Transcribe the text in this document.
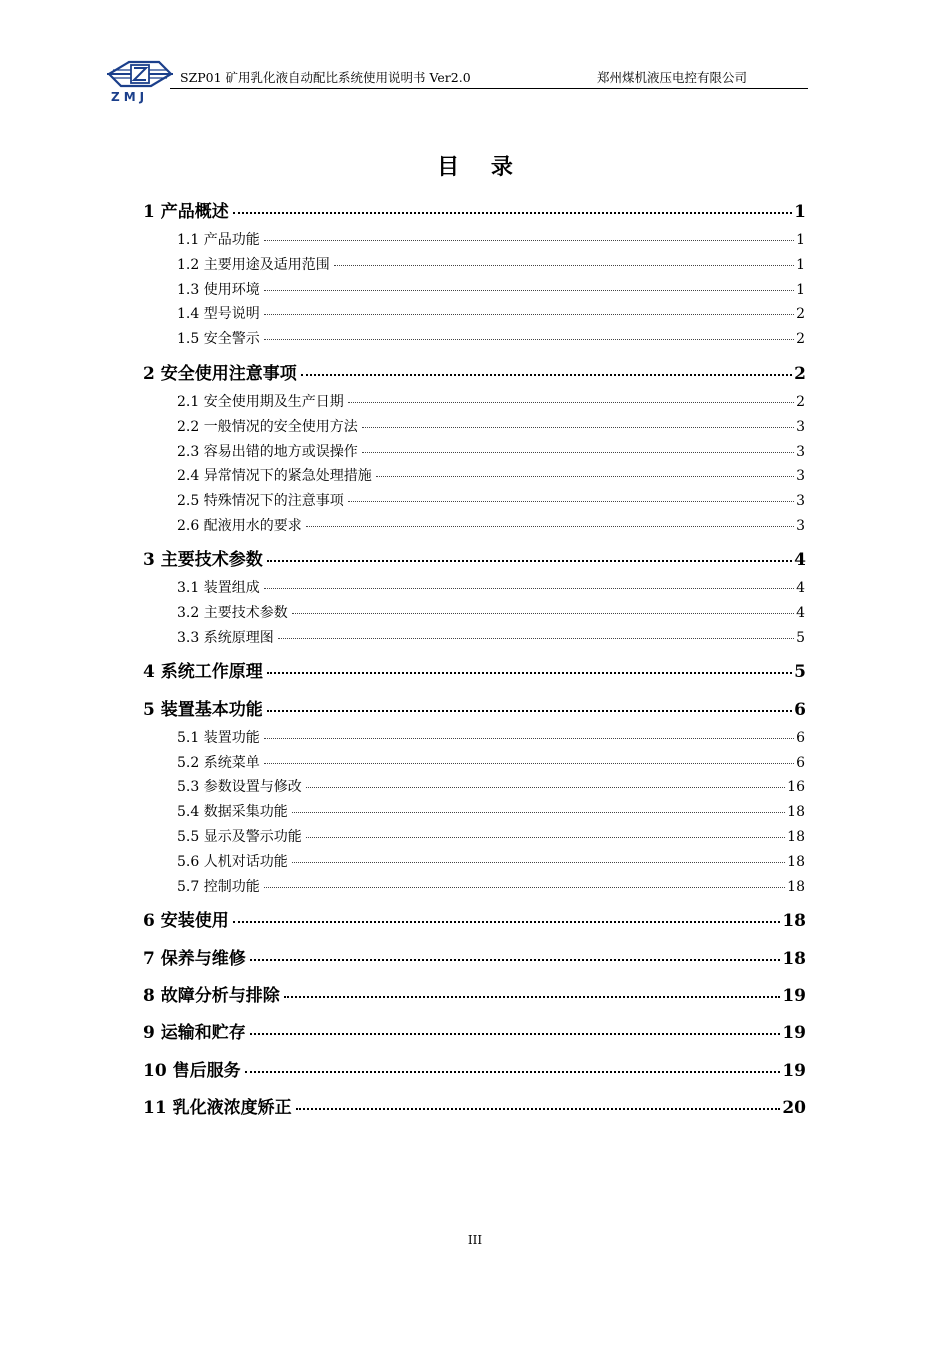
ZMJ
SZP01 矿用乳化液自动配比系统使用说明书 Ver2.0	郑州煤机液压电控有限公司
目 录
1 产品概述	1
1.1 产品功能	1
1.2 主要用途及适用范围	1
1.3 使用环境	1
1.4 型号说明	2
1.5 安全警示	2
2 安全使用注意事项	2
2.1 安全使用期及生产日期	2
2.2 一般情况的安全使用方法	3
2.3 容易出错的地方或误操作	3
2.4 异常情况下的紧急处理措施	3
2.5 特殊情况下的注意事项	3
2.6 配液用水的要求	3
3 主要技术参数	4
3.1 装置组成	4
3.2 主要技术参数	4
3.3 系统原理图	5
4 系统工作原理	5
5 装置基本功能	6
5.1 装置功能	6
5.2 系统菜单	6
5.3 参数设置与修改	16
5.4 数据采集功能	18
5.5 显示及警示功能	18
5.6 人机对话功能	18
5.7 控制功能	18
6 安装使用	18
7 保养与维修	18
8 故障分析与排除	19
9 运输和贮存	19
10 售后服务	19
11 乳化液浓度矫正	20
III
